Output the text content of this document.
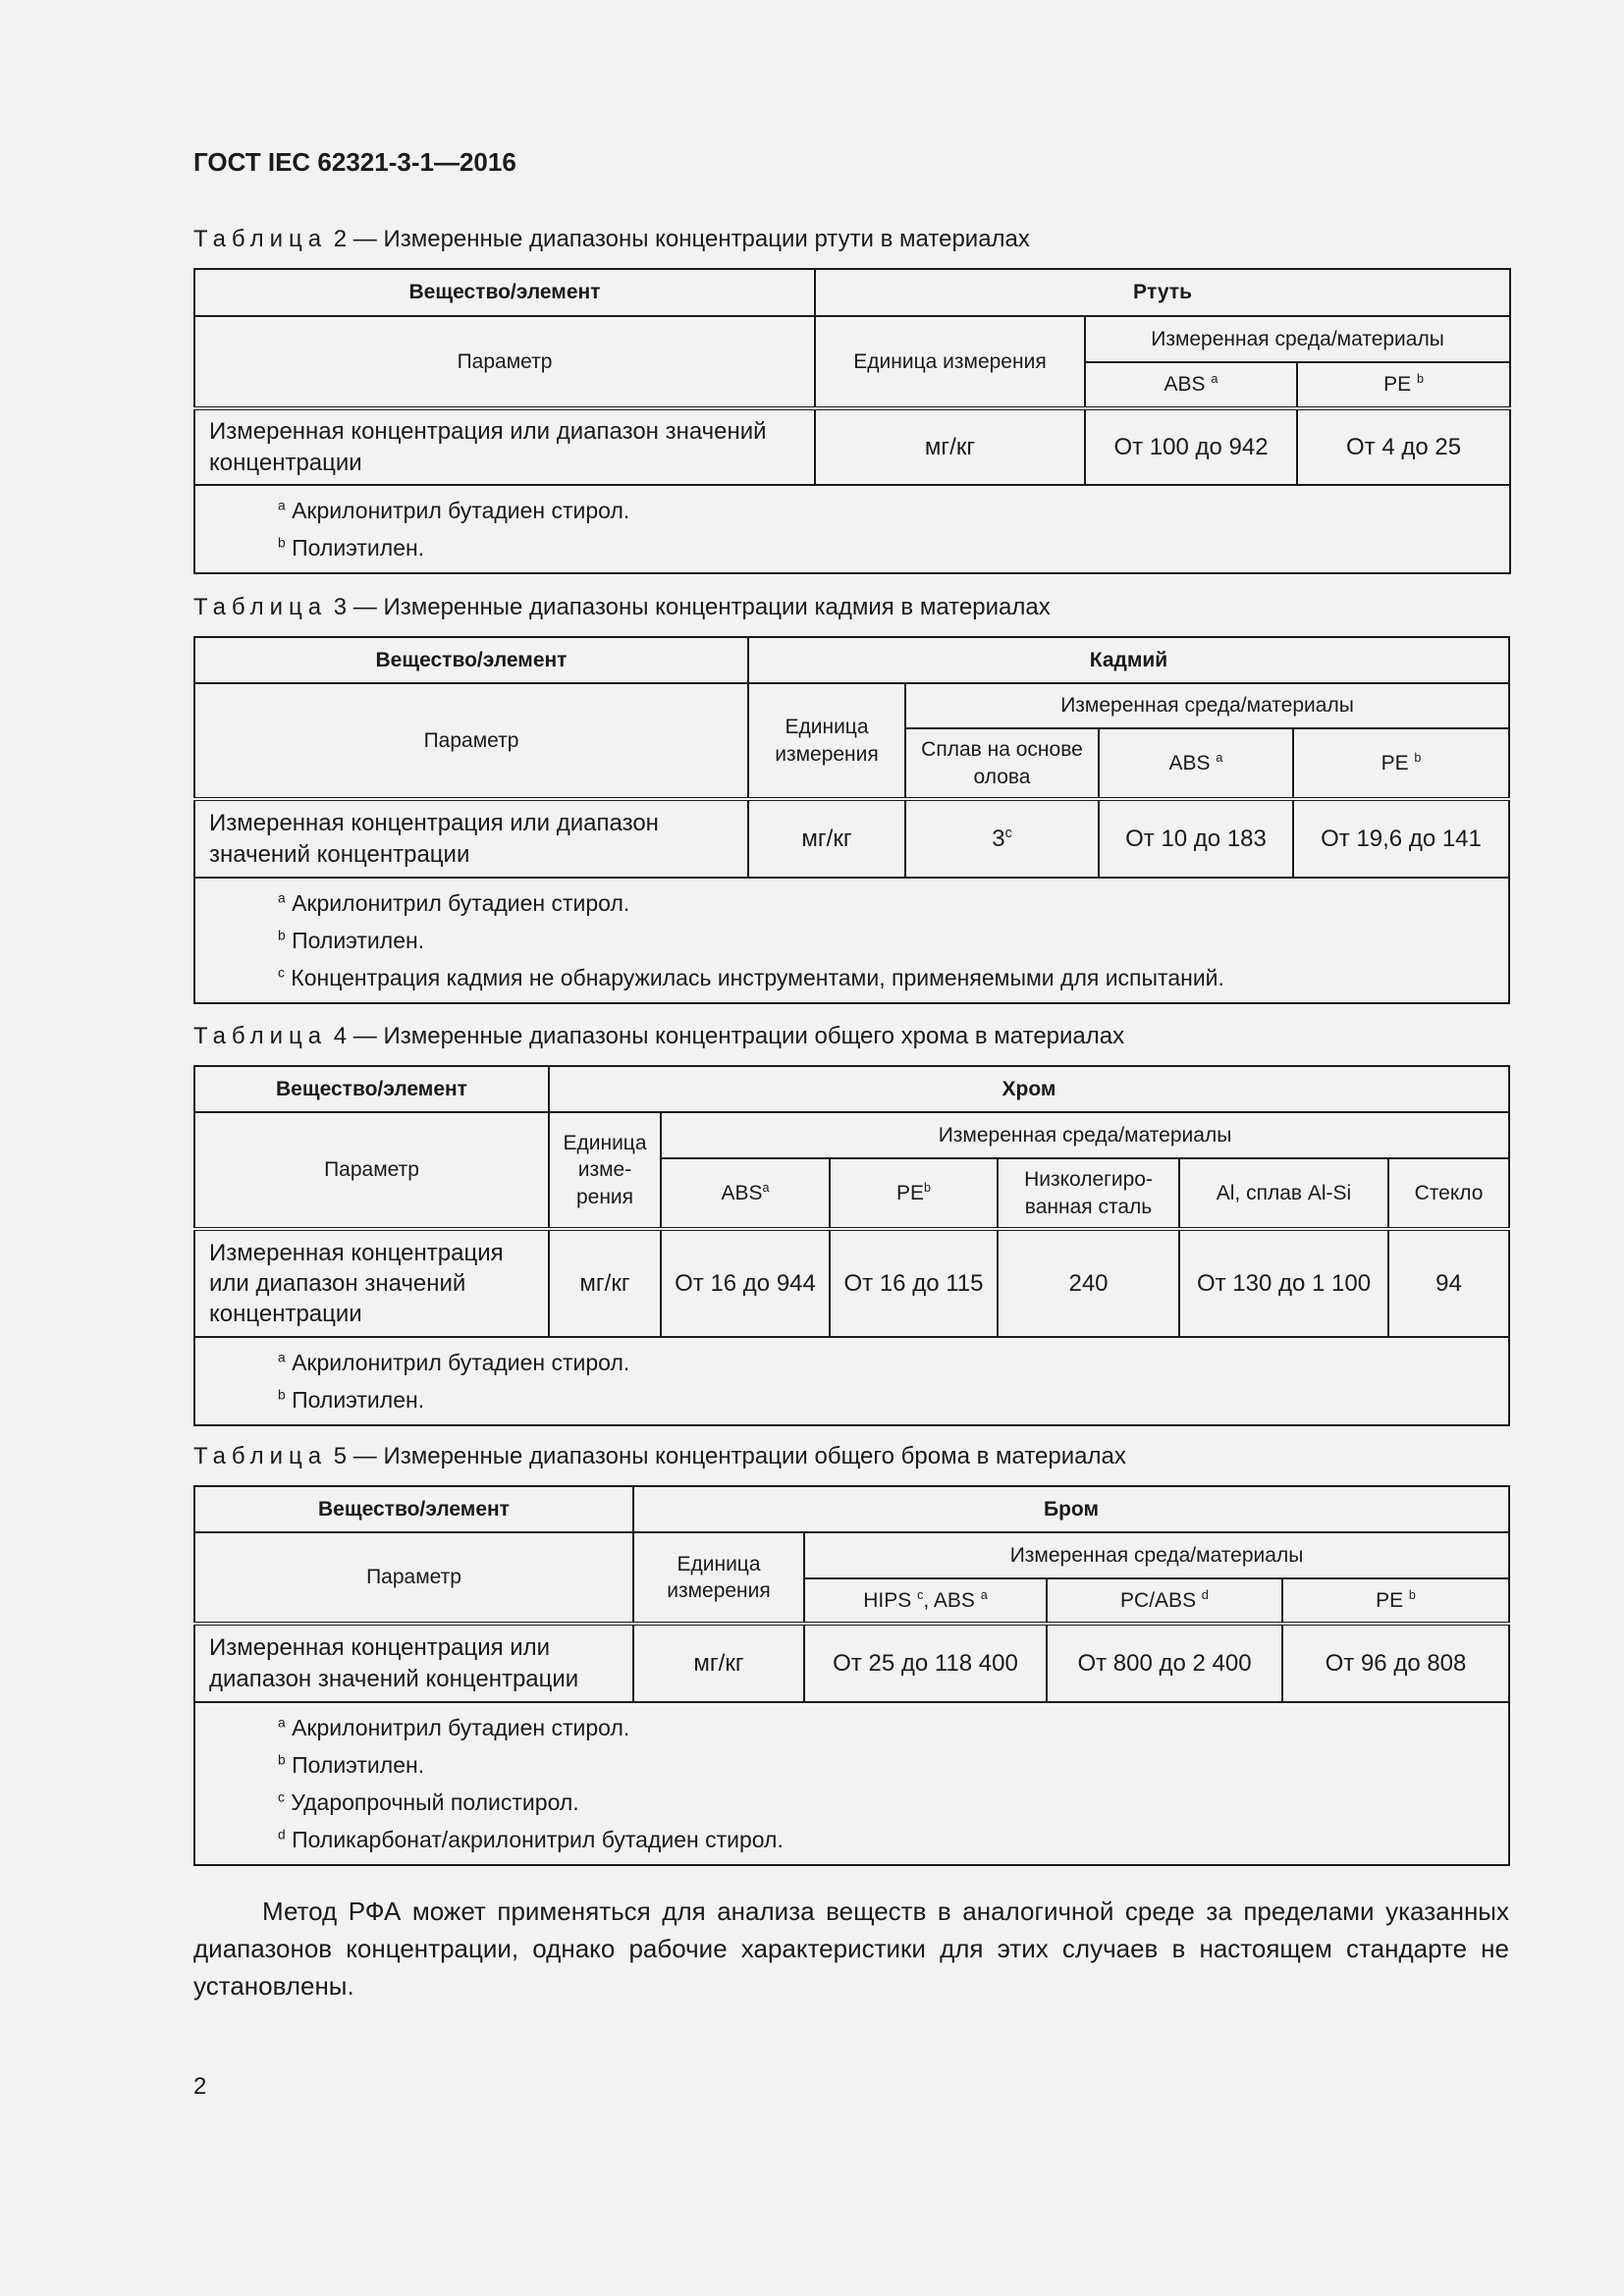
ГОСТ IEC 62321-3-1—2016
Таблица 2 — Измеренные диапазоны концентрации ртути в материалах
Вещество/элемент	Ртуть		
Параметр	Единица измерения	Измеренная среда/материалы	
		ABS $^a$	PE $^b$
Измеренная концентрация или диапазон значений концентрации	мг/кг	От 100 до 942	От 4 до 25

$^a$ Акрилонитрил бутадиен стирол.
$^b$ Полиэтилен.			
Таблица 3 — Измеренные диапазоны концентрации кадмия в материалах
Вещество/элемент	Кадмий			
Параметр	Единица измерения	Измеренная среда/материалы		
		Сплав на основе олова	ABS $^a$	PE $^b$
Измеренная концентрация или диапазон значений концентрации	мг/кг	3$^c$	От 10 до 183	От 19,6 до 141

$^a$ Акрилонитрил бутадиен стирол.
$^b$ Полиэтилен.
$^c$ Концентрация кадмия не обнаружилась инструментами, применяемыми для испытаний.				
Таблица 4 — Измеренные диапазоны концентрации общего хрома в материалах
Вещество/элемент	Хром					
Параметр	Единица изме-рения	Измеренная среда/материалы				
		ABS$^a$	$PE^b$	Низколегиро-ванная сталь	Al, сплав Al-Si	Стекло
Измеренная концентрация или диапазон значений концентрации	мг/кг	От 16 до 944	От 16 до 115	240	От 130 до 1 100	94

$^a$ Акрилонитрил бутадиен стирол.
$^b$ Полиэтилен.						
Таблица 5 — Измеренные диапазоны концентрации общего брома в материалах
Вещество/элемент	Бром			
Параметр	Единица измерения	Измеренная среда/материалы		
		HIPS $^c$, ABS $^a$	PC/ABS $^d$	PE $^b$
Измеренная концентрация или диапазон значений концентрации	мг/кг	От 25 до 118 400	От 800 до 2 400	От 96 до 808

$^a$ Акрилонитрил бутадиен стирол.
$^b$ Полиэтилен.
$^c$ Ударопрочный полистирол.
$^d$ Поликарбонат/акрилонитрил бутадиен стирол.				
Метод РФА может применяться для анализа веществ в аналогичной среде за пределами указанных диапазонов концентрации, однако рабочие характеристики для этих случаев в настоящем стандарте не установлены.
2
